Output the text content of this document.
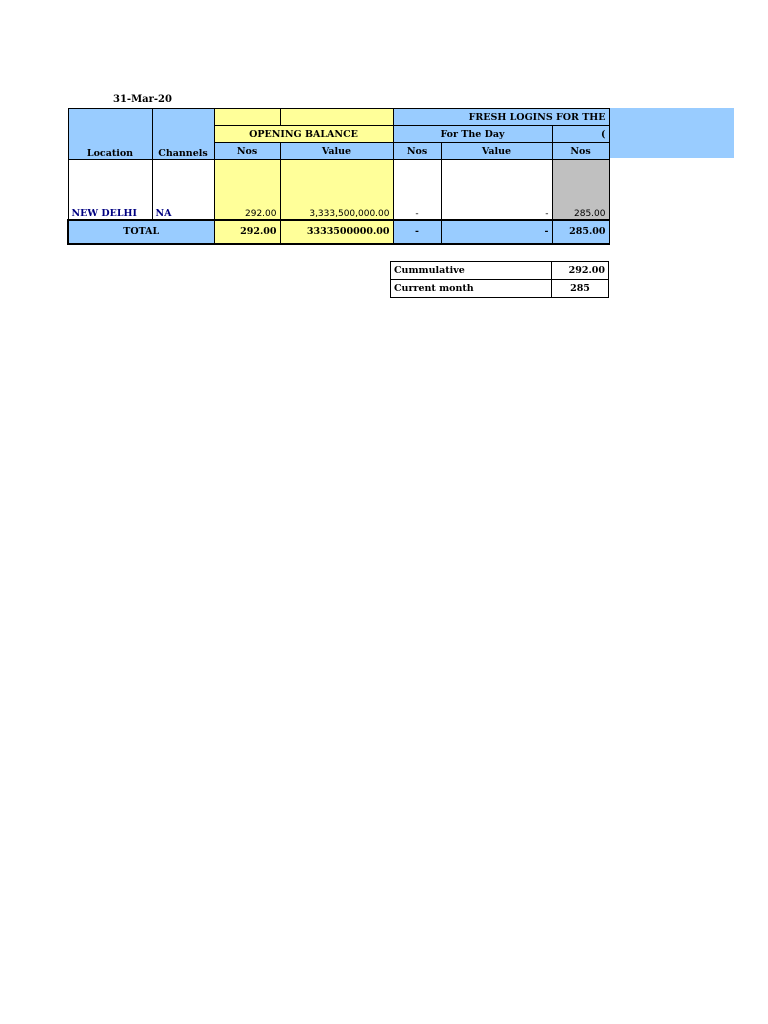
31-Mar-20
Location	Channels			FRESH LOGINS FOR THE		
		OPENING BALANCE		For The Day		(
		Nos	Value	Nos	Value	Nos
NEW DELHI	NA	292.00	3,333,500,000.00	-	-	285.00
TOTAL		292.00	3333500000.00	-	-	285.00
Cummulative	292.00
Current month	285
